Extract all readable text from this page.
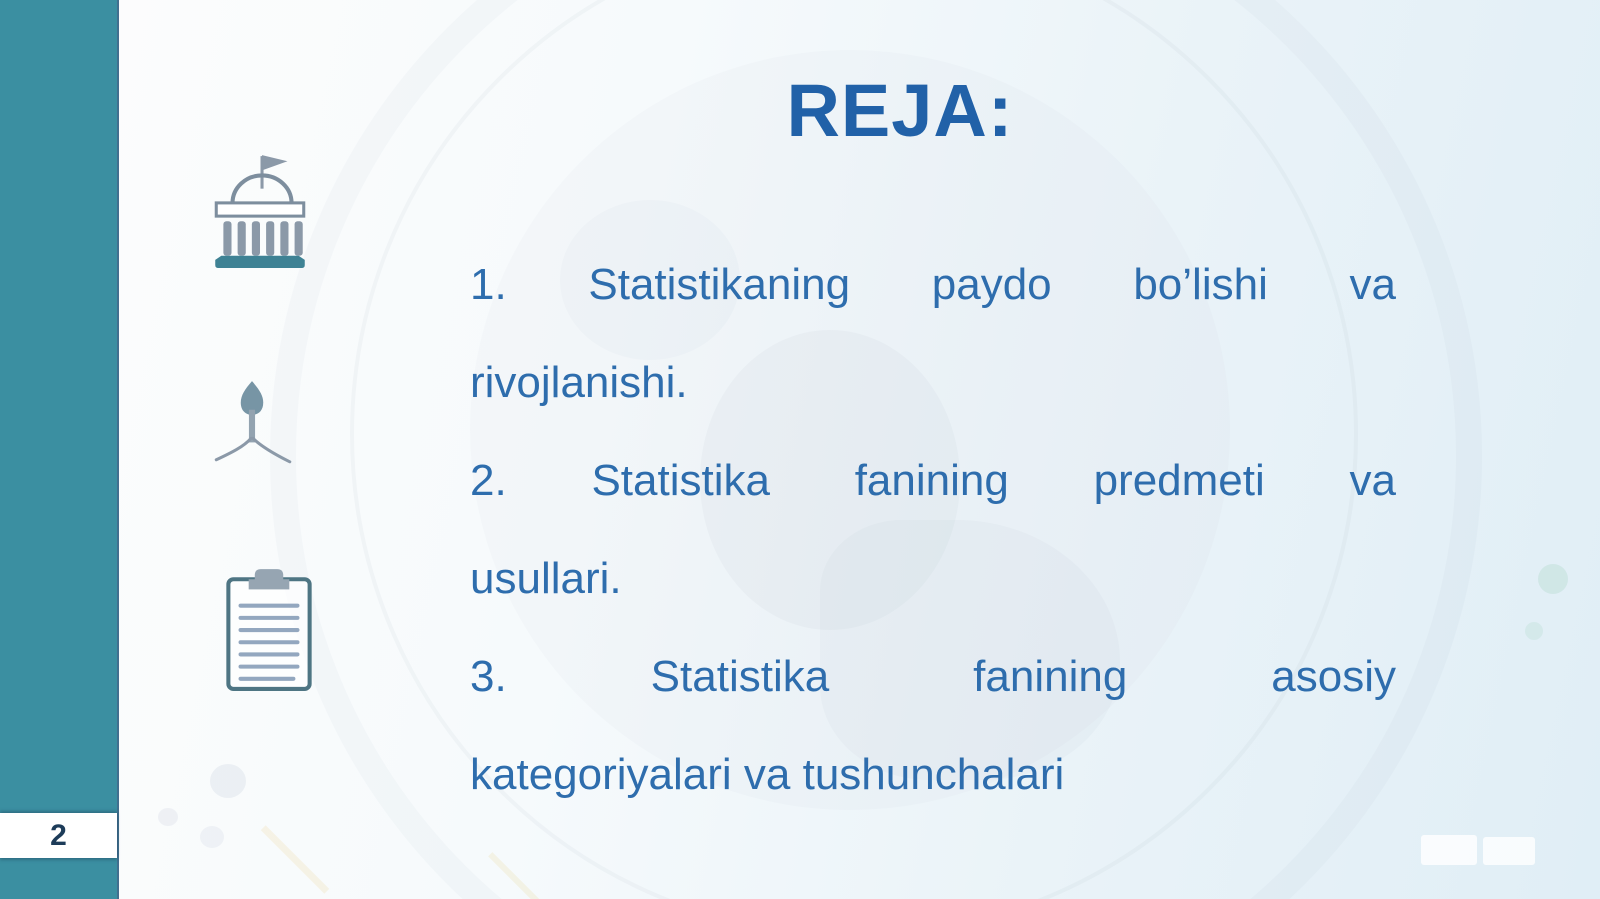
2
REJA:
1. Statistikaning paydo bo’lishi va
rivojlanishi.
2. Statistika fanining predmeti va
usullari.
3. Statistika fanining asosiy
kategoriyalari va tushunchalari
